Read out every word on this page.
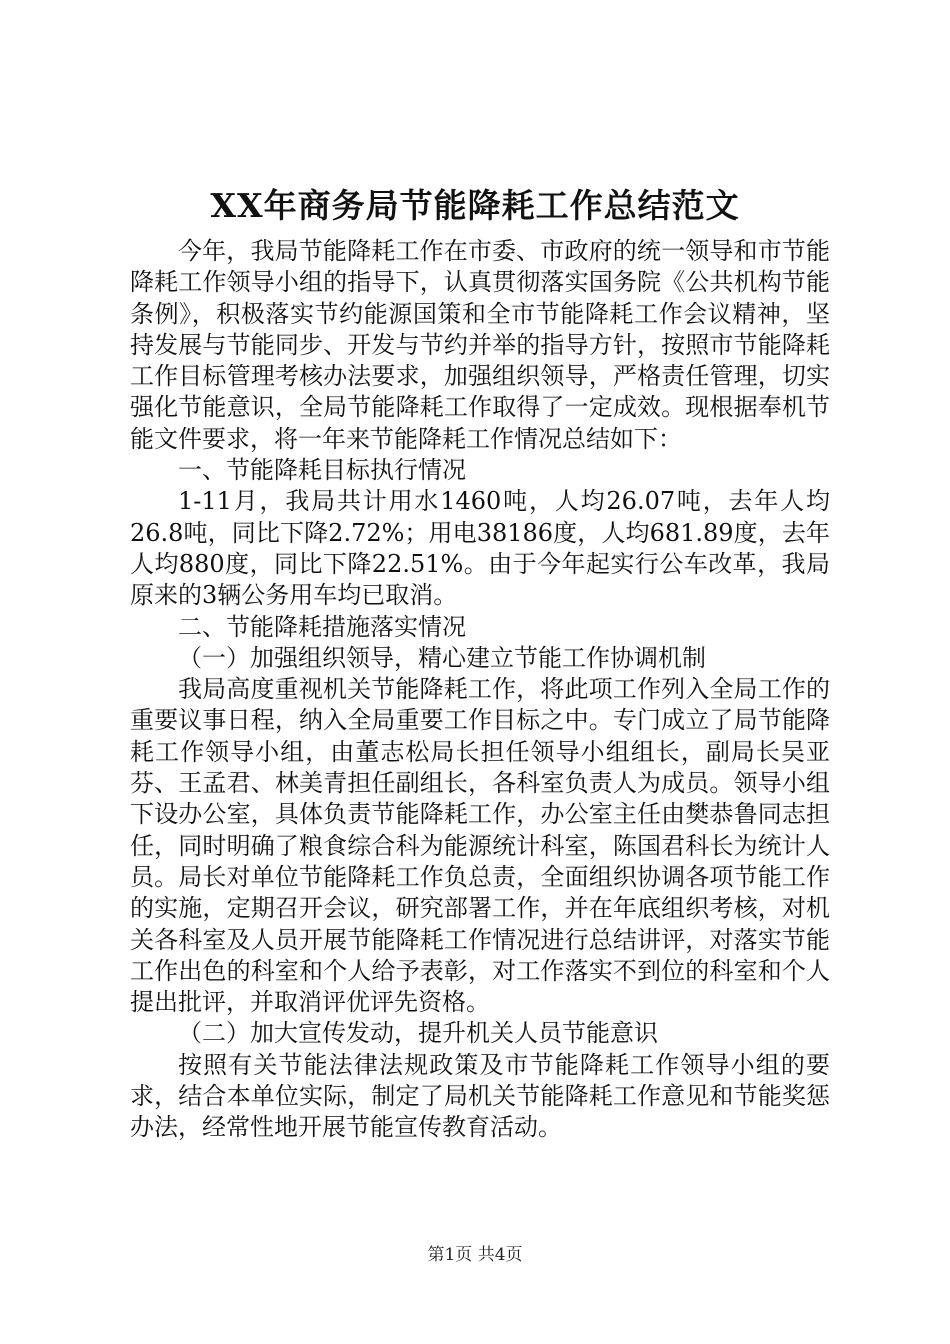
XX年商务局节能降耗工作总结范文

今年，我局节能降耗工作在市委、市政府的统一领导和市节能降耗工作领导小组的指导下，认真贯彻落实国务院《公共机构节能条例》，积极落实节约能源国策和全市节能降耗工作会议精神，坚持发展与节能同步、开发与节约并举的指导方针，按照市节能降耗工作目标管理考核办法要求，加强组织领导，严格责任管理，切实强化节能意识，全局节能降耗工作取得了一定成效。现根据奉机节能文件要求，将一年来节能降耗工作情况总结如下：

一、节能降耗目标执行情况

1-11月，我局共计用水1460吨，人均26.07吨，去年人均26.8吨，同比下降2.72%；用电38186度，人均681.89度，去年人均880度，同比下降22.51%。由于今年起实行公车改革，我局原来的3辆公务用车均已取消。

二、节能降耗措施落实情况

（一）加强组织领导，精心建立节能工作协调机制

我局高度重视机关节能降耗工作，将此项工作列入全局工作的重要议事日程，纳入全局重要工作目标之中。专门成立了局节能降耗工作领导小组，由董志松局长担任领导小组组长，副局长吴亚芬、王孟君、林美青担任副组长，各科室负责人为成员。领导小组下设办公室，具体负责节能降耗工作，办公室主任由樊恭鲁同志担任，同时明确了粮食综合科为能源统计科室，陈国君科长为统计人员。局长对单位节能降耗工作负总责，全面组织协调各项节能工作的实施，定期召开会议，研究部署工作，并在年底组织考核，对机关各科室及人员开展节能降耗工作情况进行总结讲评，对落实节能工作出色的科室和个人给予表彰，对工作落实不到位的科室和个人提出批评，并取消评优评先资格。

（二）加大宣传发动，提升机关人员节能意识

按照有关节能法律法规政策及市节能降耗工作领导小组的要求，结合本单位实际，制定了局机关节能降耗工作意见和节能奖惩办法，经常性地开展节能宣传教育活动。

第1页 共4页
